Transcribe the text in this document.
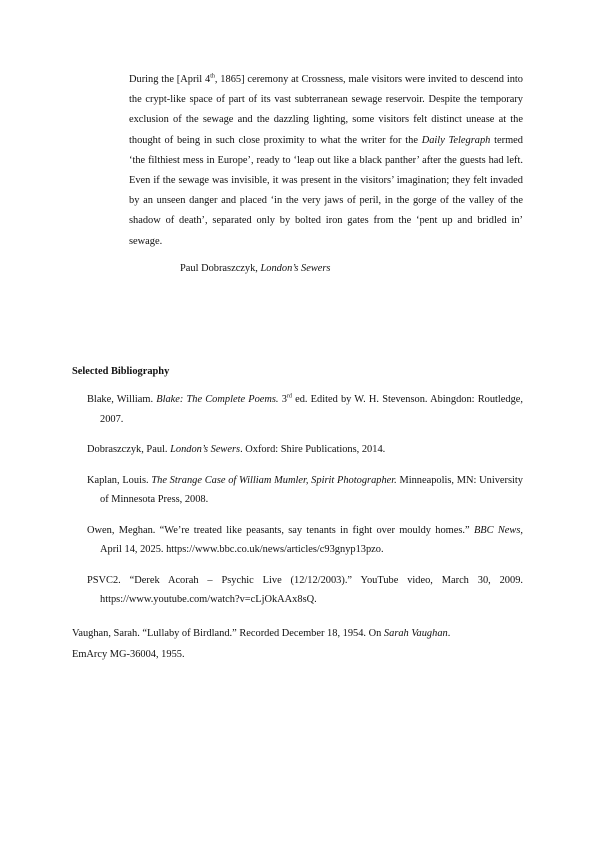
During the [April 4th, 1865] ceremony at Crossness, male visitors were invited to descend into the crypt-like space of part of its vast subterranean sewage reservoir. Despite the temporary exclusion of the sewage and the dazzling lighting, some visitors felt distinct unease at the thought of being in such close proximity to what the writer for the Daily Telegraph termed ‘the filthiest mess in Europe’, ready to ‘leap out like a black panther’ after the guests had left. Even if the sewage was invisible, it was present in the visitors’ imagination; they felt invaded by an unseen danger and placed ‘in the very jaws of peril, in the gorge of the valley of the shadow of death’, separated only by bolted iron gates from the ‘pent up and bridled in’ sewage.

Paul Dobraszczyk, London’s Sewers
Selected Bibliography

Blake, William. Blake: The Complete Poems. 3rd ed. Edited by W. H. Stevenson. Abingdon: Routledge, 2007.

Dobraszczyk, Paul. London’s Sewers. Oxford: Shire Publications, 2014.

Kaplan, Louis. The Strange Case of William Mumler, Spirit Photographer. Minneapolis, MN: University of Minnesota Press, 2008.

Owen, Meghan. “We’re treated like peasants, say tenants in fight over mouldy homes.” BBC News, April 14, 2025. https://www.bbc.co.uk/news/articles/c93gnyp13pzo.

PSVC2. “Derek Acorah – Psychic Live (12/12/2003).” YouTube video, March 30, 2009. https://www.youtube.com/watch?v=cLjOkAAx8sQ.

Vaughan, Sarah. “Lullaby of Birdland.” Recorded December 18, 1954. On Sarah Vaughan.
EmArcy MG-36004, 1955.
